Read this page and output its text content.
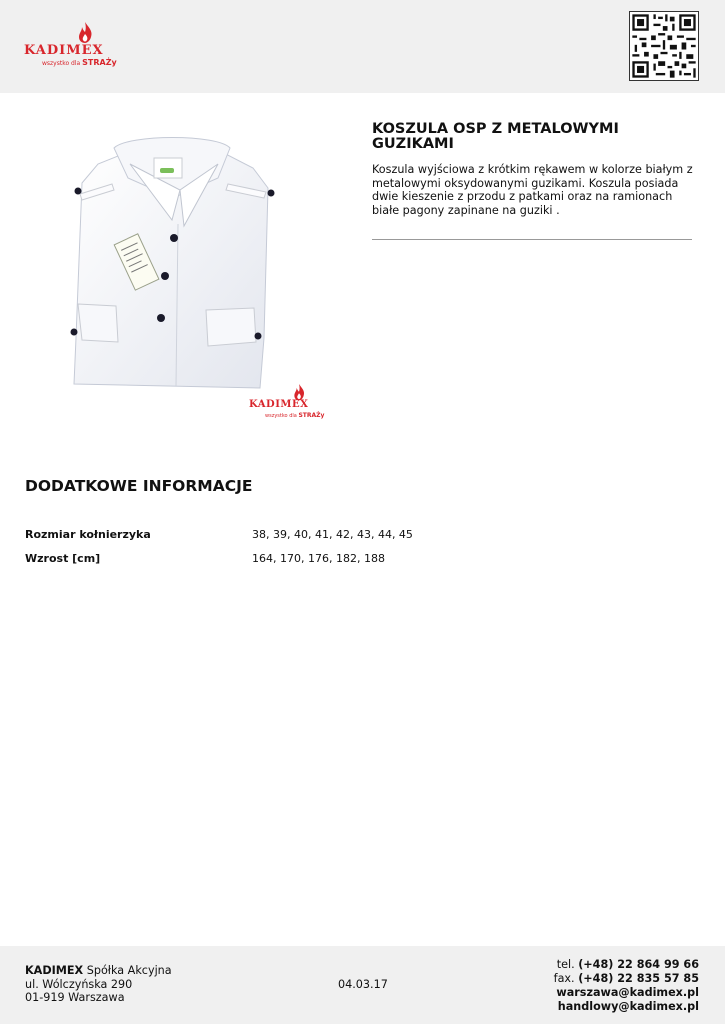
KADIMEX
wszystko dla STRAŻy
KADIMEX
wszystko dla STRAŻy
KOSZULA OSP Z METALOWYMI GUZIKAMI

Koszula wyjściowa z krótkim rękawem w kolorze białym z metalowymi oksydowanymi guzikami. Koszula posiada dwie kieszenie z przodu z patkami oraz na ramionach białe pagony zapinane na guziki .

DODATKOWE INFORMACJE
Rozmiar kołnierzyka	38, 39, 40, 41, 42, 43, 44, 45
Wzrost [cm]	164, 170, 176, 182, 188
KADIMEX Spółka Akcyjna
ul. Wólczyńska 290
01-919 Warszawa
04.03.17
tel. (+48) 22 864 99 66
fax. (+48) 22 835 57 85
warszawa@kadimex.pl
handlowy@kadimex.pl
